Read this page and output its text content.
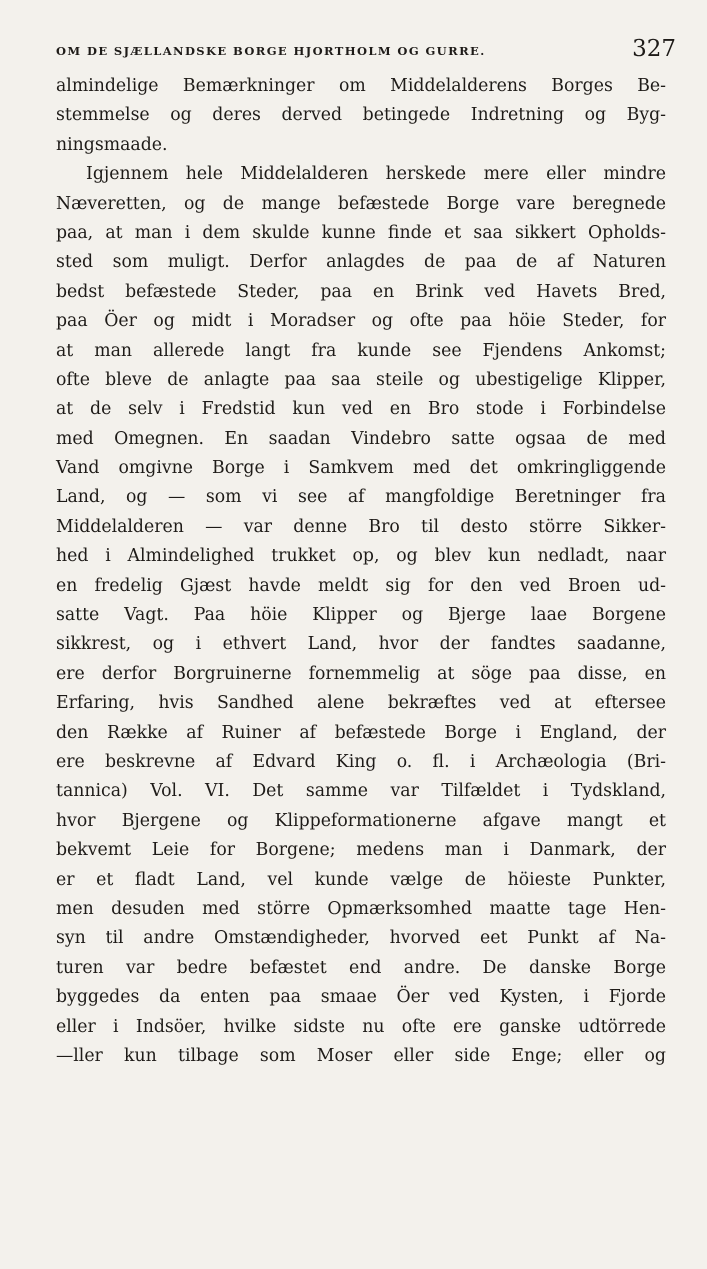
OM DE SJÆLLANDSKE BORGE HJORTHOLM OG GURRE.	327
almindelige Bemærkninger om Middelalderens Borges Be-
stemmelse og deres derved betingede Indretning og Byg-
ningsmaade.
Igjennem hele Middelalderen herskede mere eller mindre
Næveretten, og de mange befæstede Borge vare beregnede
paa, at man i dem skulde kunne finde et saa sikkert Opholds-
sted som muligt. Derfor anlagdes de paa de af Naturen
bedst befæstede Steder, paa en Brink ved Havets Bred,
paa Öer og midt i Moradser og ofte paa höie Steder, for
at man allerede langt fra kunde see Fjendens Ankomst;
ofte bleve de anlagte paa saa steile og ubestigelige Klipper,
at de selv i Fredstid kun ved en Bro stode i Forbindelse
med Omegnen. En saadan Vindebro satte ogsaa de med
Vand omgivne Borge i Samkvem med det omkringliggende
Land, og — som vi see af mangfoldige Beretninger fra
Middelalderen — var denne Bro til desto större Sikker-
hed i Almindelighed trukket op, og blev kun nedladt, naar
en fredelig Gjæst havde meldt sig for den ved Broen ud-
satte Vagt. Paa höie Klipper og Bjerge laae Borgene
sikkrest, og i ethvert Land, hvor der fandtes saadanne,
ere derfor Borgruinerne fornemmelig at söge paa disse, en
Erfaring, hvis Sandhed alene bekræftes ved at eftersee
den Række af Ruiner af befæstede Borge i England, der
ere beskrevne af Edvard King o. fl. i Archæologia (Bri-
tannica) Vol. VI. Det samme var Tilfældet i Tydskland,
hvor Bjergene og Klippeformationerne afgave mangt et
bekvemt Leie for Borgene; medens man i Danmark, der
er et fladt Land, vel kunde vælge de höieste Punkter,
men desuden med större Opmærksomhed maatte tage Hen-
syn til andre Omstændigheder, hvorved eet Punkt af Na-
turen var bedre befæstet end andre. De danske Borge
byggedes da enten paa smaae Öer ved Kysten, i Fjorde
eller i Indsöer, hvilke sidste nu ofte ere ganske udtörrede
—ller kun tilbage som Moser eller side Enge; eller og
